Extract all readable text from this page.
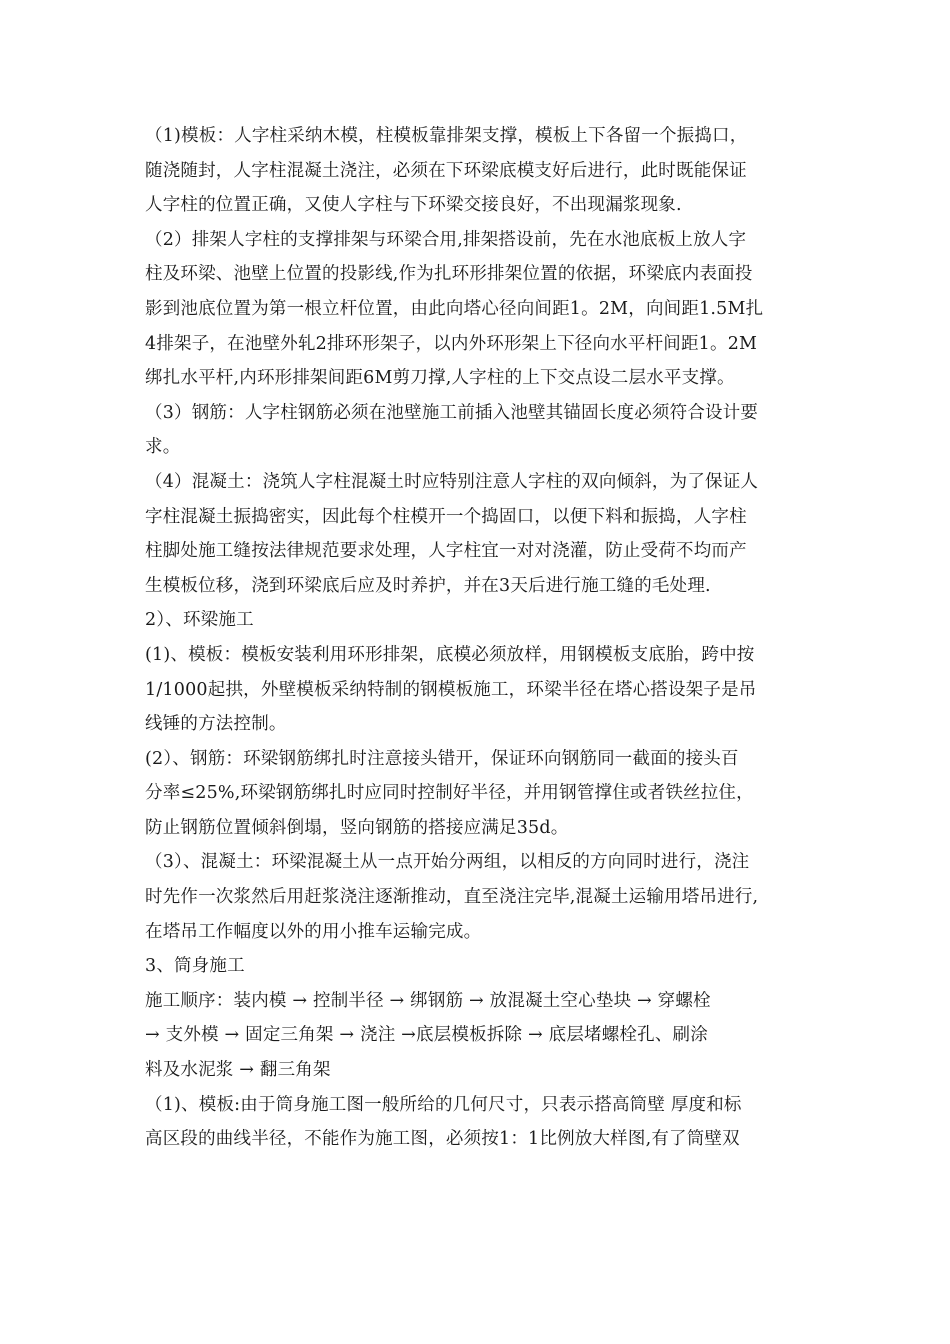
（1)模板：人字柱采纳木模，柱模板靠排架支撑，模板上下各留一个振捣口，
随浇随封，人字柱混凝土浇注，必须在下环梁底模支好后进行，此时既能保证
人字柱的位置正确，又使人字柱与下环梁交接良好，不出现漏浆现象.
（2）排架人字柱的支撑排架与环梁合用,排架搭设前，先在水池底板上放人字
柱及环梁、池壁上位置的投影线,作为扎环形排架位置的依据，环梁底内表面投
影到池底位置为第一根立杆位置，由此向塔心径向间距1。2M，向间距1.5M扎
4排架子，在池壁外轧2排环形架子，以内外环形架上下径向水平杆间距1。2M
绑扎水平杆,内环形排架间距6M剪刀撑,人字柱的上下交点设二层水平支撑。
（3）钢筋：人字柱钢筋必须在池壁施工前插入池壁其锚固长度必须符合设计要
求。
（4）混凝土：浇筑人字柱混凝土时应特别注意人字柱的双向倾斜，为了保证人
字柱混凝土振捣密实，因此每个柱模开一个捣固口，以便下料和振捣，人字柱
柱脚处施工缝按法律规范要求处理，人字柱宜一对对浇灌，防止受荷不均而产
生模板位移，浇到环梁底后应及时养护，并在3天后进行施工缝的毛处理.
2）、环梁施工
(1)、模板：模板安装利用环形排架，底模必须放样，用钢模板支底胎，跨中按
1/1000起拱，外壁模板采纳特制的钢模板施工，环梁半径在塔心搭设架子是吊
线锤的方法控制。
(2）、钢筋：环梁钢筋绑扎时注意接头错开，保证环向钢筋同一截面的接头百
分率≤25%,环梁钢筋绑扎时应同时控制好半径，并用钢管撑住或者铁丝拉住，
防止钢筋位置倾斜倒塌，竖向钢筋的搭接应满足35d。
（3）、混凝土：环梁混凝土从一点开始分两组，以相反的方向同时进行，浇注
时先作一次浆然后用赶浆浇注逐渐推动，直至浇注完毕,混凝土运输用塔吊进行,
在塔吊工作幅度以外的用小推车运输完成。
3、筒身施工
施工顺序：装内模 → 控制半径 → 绑钢筋 → 放混凝土空心垫块 → 穿螺栓
→ 支外模 → 固定三角架 → 浇注 →底层模板拆除 → 底层堵螺栓孔、刷涂
料及水泥浆 → 翻三角架
（1)、模板:由于筒身施工图一般所给的几何尺寸，只表示搭高筒壁 厚度和标
高区段的曲线半径，不能作为施工图，必须按1：1比例放大样图,有了筒壁双
